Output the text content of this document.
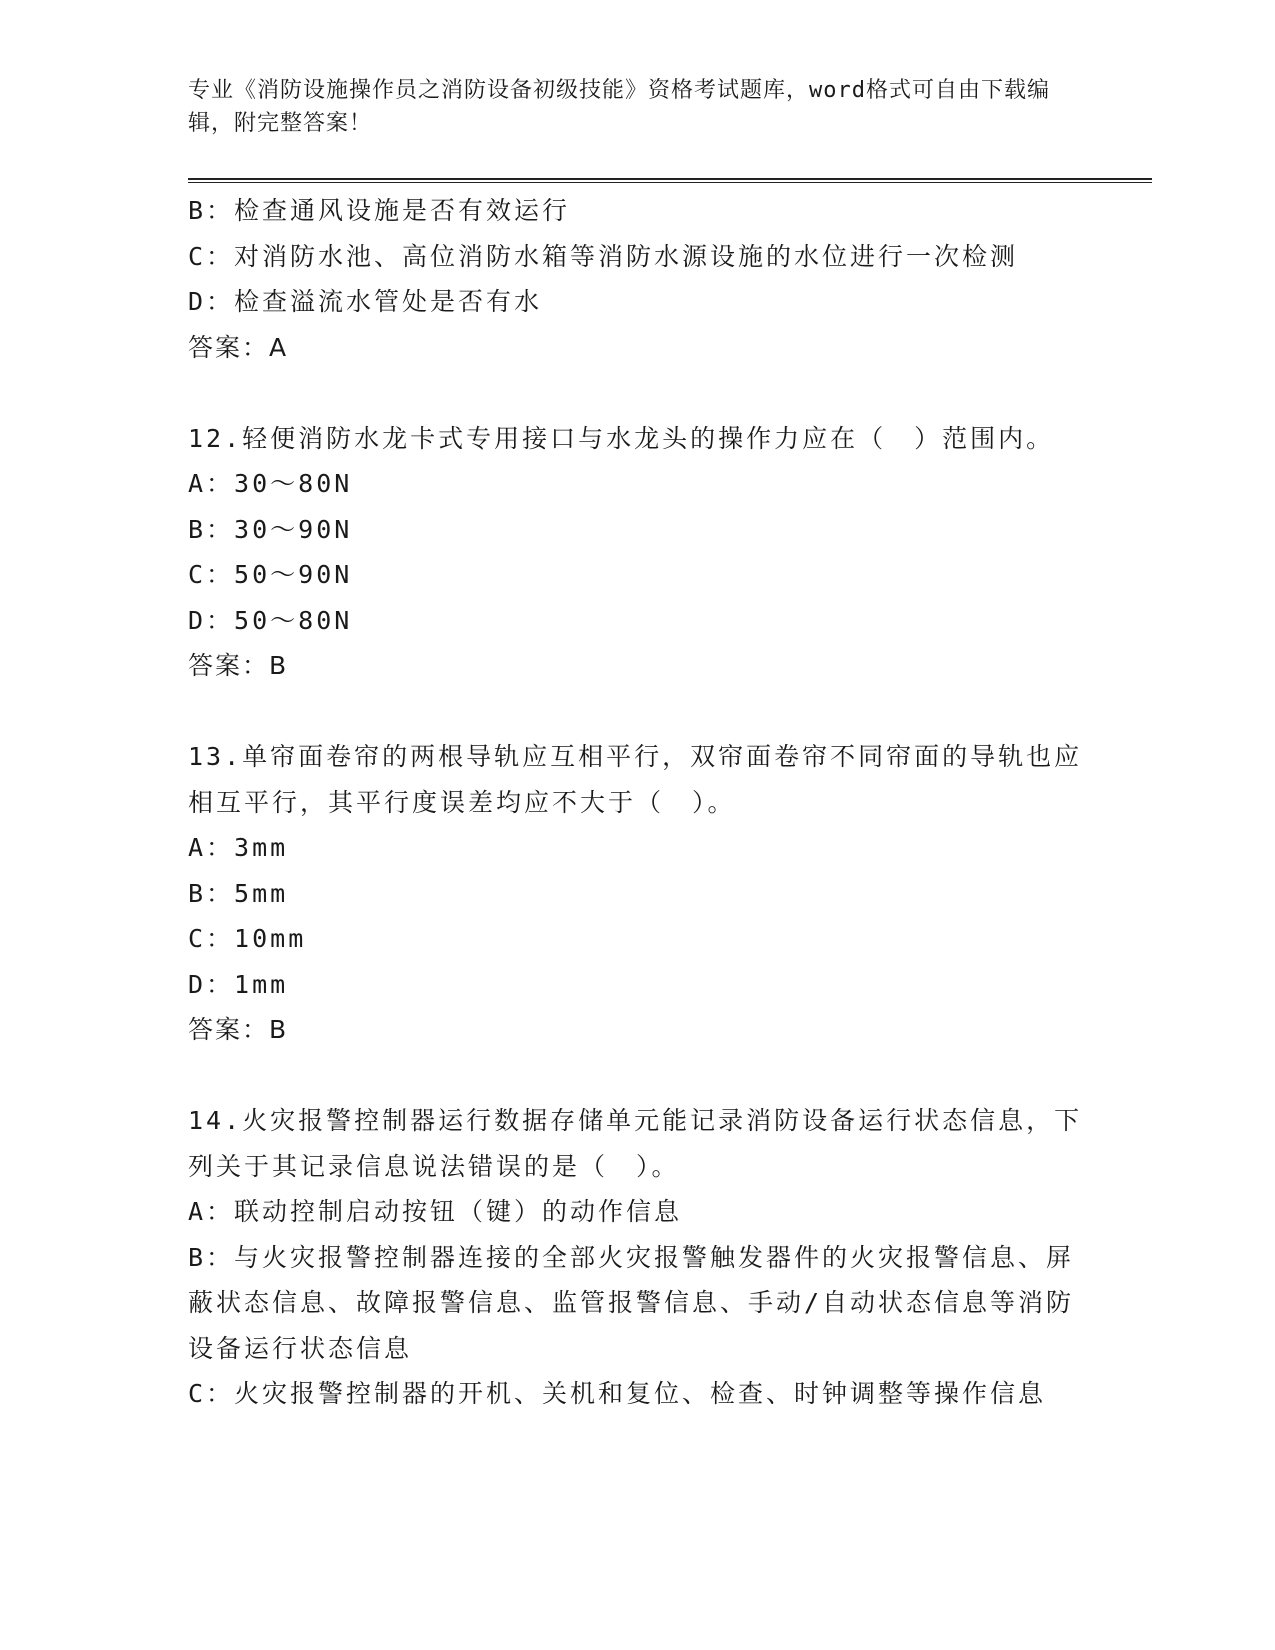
专业《消防设施操作员之消防设备初级技能》资格考试题库，word格式可自由下载编辑，附完整答案！
B：检查通风设施是否有效运行
C：对消防水池、高位消防水箱等消防水源设施的水位进行一次检测
D：检查溢流水管处是否有水
答案：A
12.轻便消防水龙卡式专用接口与水龙头的操作力应在（　）范围内。
A：30～80N
B：30～90N
C：50～90N
D：50～80N
答案：B
13.单帘面卷帘的两根导轨应互相平行，双帘面卷帘不同帘面的导轨也应相互平行，其平行度误差均应不大于（　）。
A：3mm
B：5mm
C：10mm
D：1mm
答案：B
14.火灾报警控制器运行数据存储单元能记录消防设备运行状态信息，下列关于其记录信息说法错误的是（　）。
A：联动控制启动按钮（键）的动作信息
B：与火灾报警控制器连接的全部火灾报警触发器件的火灾报警信息、屏蔽状态信息、故障报警信息、监管报警信息、手动/自动状态信息等消防设备运行状态信息
C：火灾报警控制器的开机、关机和复位、检查、时钟调整等操作信息
